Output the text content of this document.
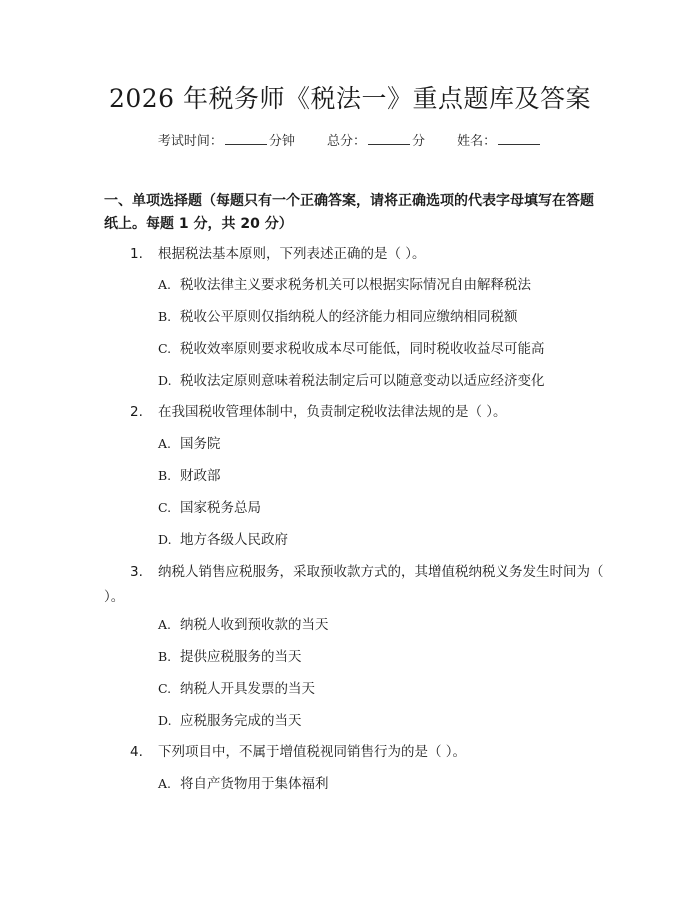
2026 年税务师《税法一》重点题库及答案
考试时间：	分钟 总分：	分 姓名：
一、单项选择题（每题只有一个正确答案，请将正确选项的代表字母填写在答题纸上。每题 1 分，共 20 分）
1. 根据税法基本原则，下列表述正确的是（ ）。
A. 税收法律主义要求税务机关可以根据实际情况自由解释税法
B. 税收公平原则仅指纳税人的经济能力相同应缴纳相同税额
C. 税收效率原则要求税收成本尽可能低，同时税收收益尽可能高
D. 税收法定原则意味着税法制定后可以随意变动以适应经济变化
2. 在我国税收管理体制中，负责制定税收法律法规的是（ ）。
A. 国务院
B. 财政部
C. 国家税务总局
D. 地方各级人民政府
3. 纳税人销售应税服务，采取预收款方式的，其增值税纳税义务发生时间为（ ）。
A. 纳税人收到预收款的当天
B. 提供应税服务的当天
C. 纳税人开具发票的当天
D. 应税服务完成的当天
4. 下列项目中，不属于增值税视同销售行为的是（ ）。
A. 将自产货物用于集体福利
